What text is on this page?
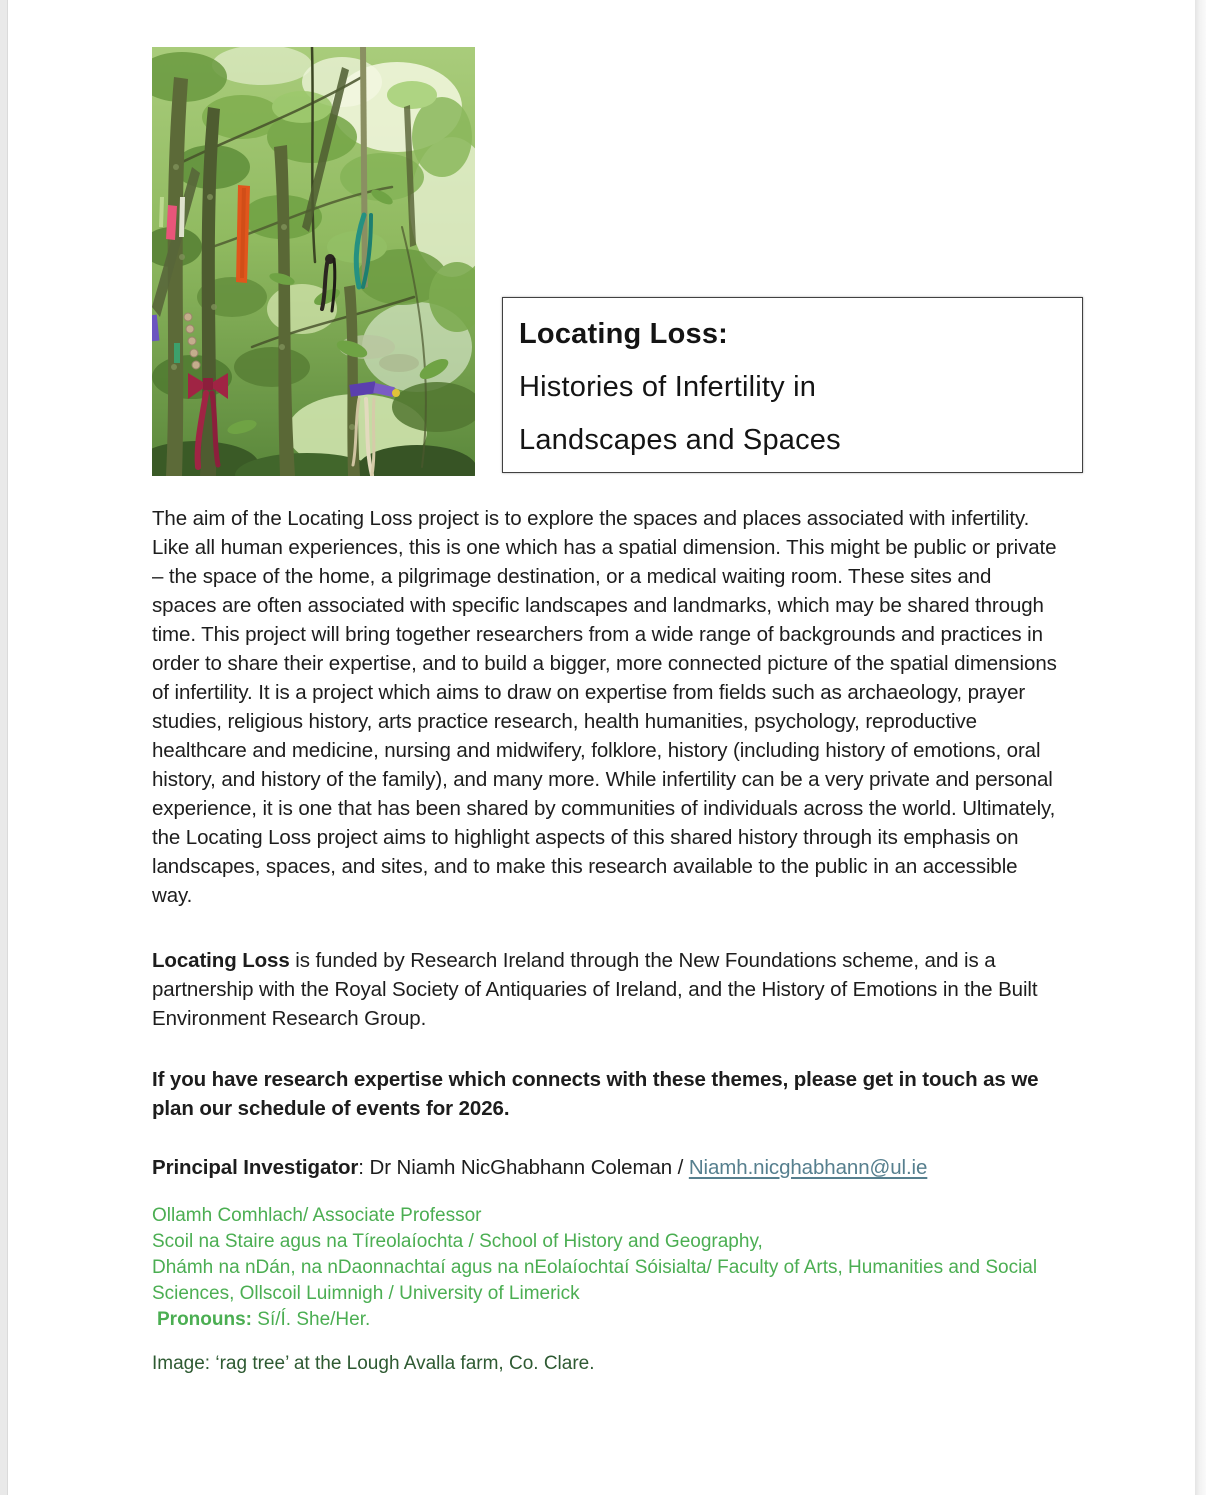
Locating Loss:
Histories of Infertility in
Landscapes and Spaces

The aim of the Locating Loss project is to explore the spaces and places associated with infertility. Like all human experiences, this is one which has a spatial dimension. This might be public or private – the space of the home, a pilgrimage destination, or a medical waiting room. These sites and spaces are often associated with specific landscapes and landmarks, which may be shared through time. This project will bring together researchers from a wide range of backgrounds and practices in order to share their expertise, and to build a bigger, more connected picture of the spatial dimensions of infertility. It is a project which aims to draw on expertise from fields such as archaeology, prayer studies, religious history, arts practice research, health humanities, psychology, reproductive healthcare and medicine, nursing and midwifery, folklore, history (including history of emotions, oral history, and history of the family), and many more. While infertility can be a very private and personal experience, it is one that has been shared by communities of individuals across the world. Ultimately, the Locating Loss project aims to highlight aspects of this shared history through its emphasis on landscapes, spaces, and sites, and to make this research available to the public in an accessible way.

Locating Loss is funded by Research Ireland through the New Foundations scheme, and is a partnership with the Royal Society of Antiquaries of Ireland, and the History of Emotions in the Built Environment Research Group.

If you have research expertise which connects with these themes, please get in touch as we plan our schedule of events for 2026.

Principal Investigator: Dr Niamh NicGhabhann Coleman / Niamh.nicghabhann@ul.ie

Ollamh Comhlach/ Associate Professor
Scoil na Staire agus na Tíreolaíochta / School of History and Geography,
Dhámh na nDán, na nDaonnachtaí agus na nEolaíochtaí Sóisialta/ Faculty of Arts, Humanities and Social Sciences, Ollscoil Luimnigh / University of Limerick
Pronouns: Sí/Í. She/Her.

Image: ‘rag tree’ at the Lough Avalla farm, Co. Clare.
